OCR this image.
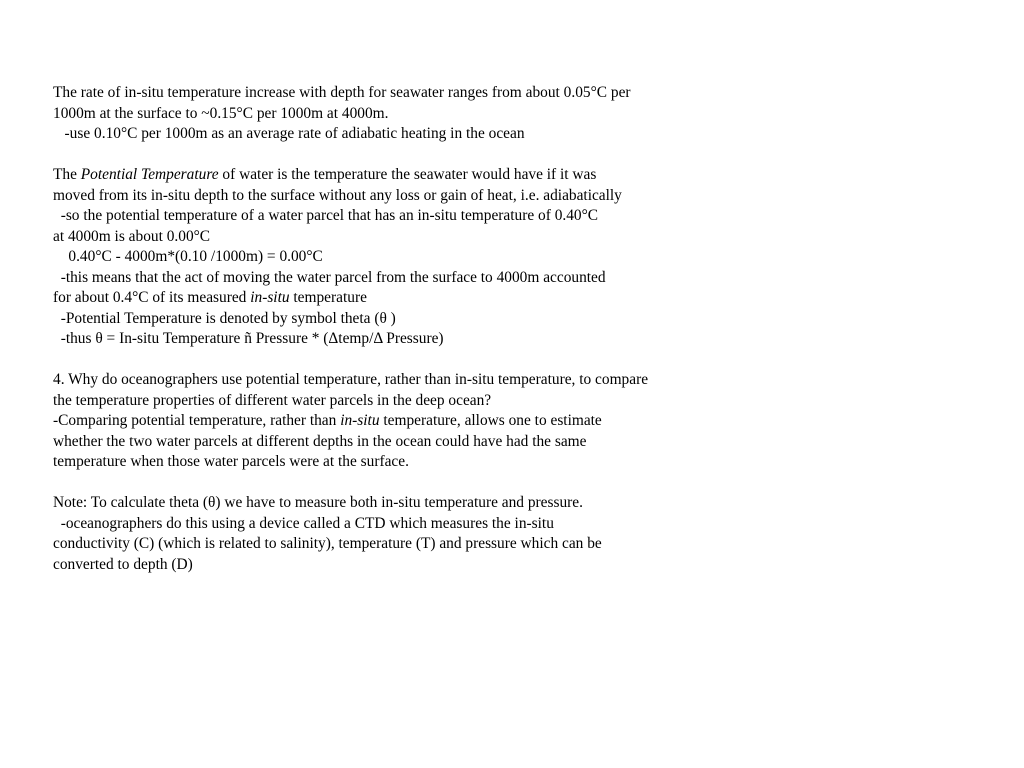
The rate of in-situ temperature increase with depth for seawater ranges from about 0.05°C per
1000m at the surface to ~0.15°C per 1000m at 4000m.
-use 0.10°C per 1000m as an average rate of adiabatic heating in the ocean
The Potential Temperature of water is the temperature the seawater would have if it was
moved from its in-situ depth to the surface without any loss or gain of heat, i.e. adiabatically
-so the potential temperature of a water parcel that has an in-situ temperature of 0.40°C
at 4000m is about 0.00°C
0.40°C - 4000m*(0.10 /1000m) = 0.00°C
-this means that the act of moving the water parcel from the surface to 4000m accounted
for about 0.4°C of its measured in-situ temperature
-Potential Temperature is denoted by symbol theta (θ )
-thus θ = In-situ Temperature ñ Pressure * (Δtemp/Δ Pressure)
4. Why do oceanographers use potential temperature, rather than in-situ temperature, to compare
the temperature properties of different water parcels in the deep ocean?
-Comparing potential temperature, rather than in-situ temperature, allows one to estimate
whether the two water parcels at different depths in the ocean could have had the same
temperature when those water parcels were at the surface.
Note: To calculate theta (θ) we have to measure both in-situ temperature and pressure.
-oceanographers do this using a device called a CTD which measures the in-situ
conductivity (C) (which is related to salinity), temperature (T) and pressure which can be
converted to depth (D)
